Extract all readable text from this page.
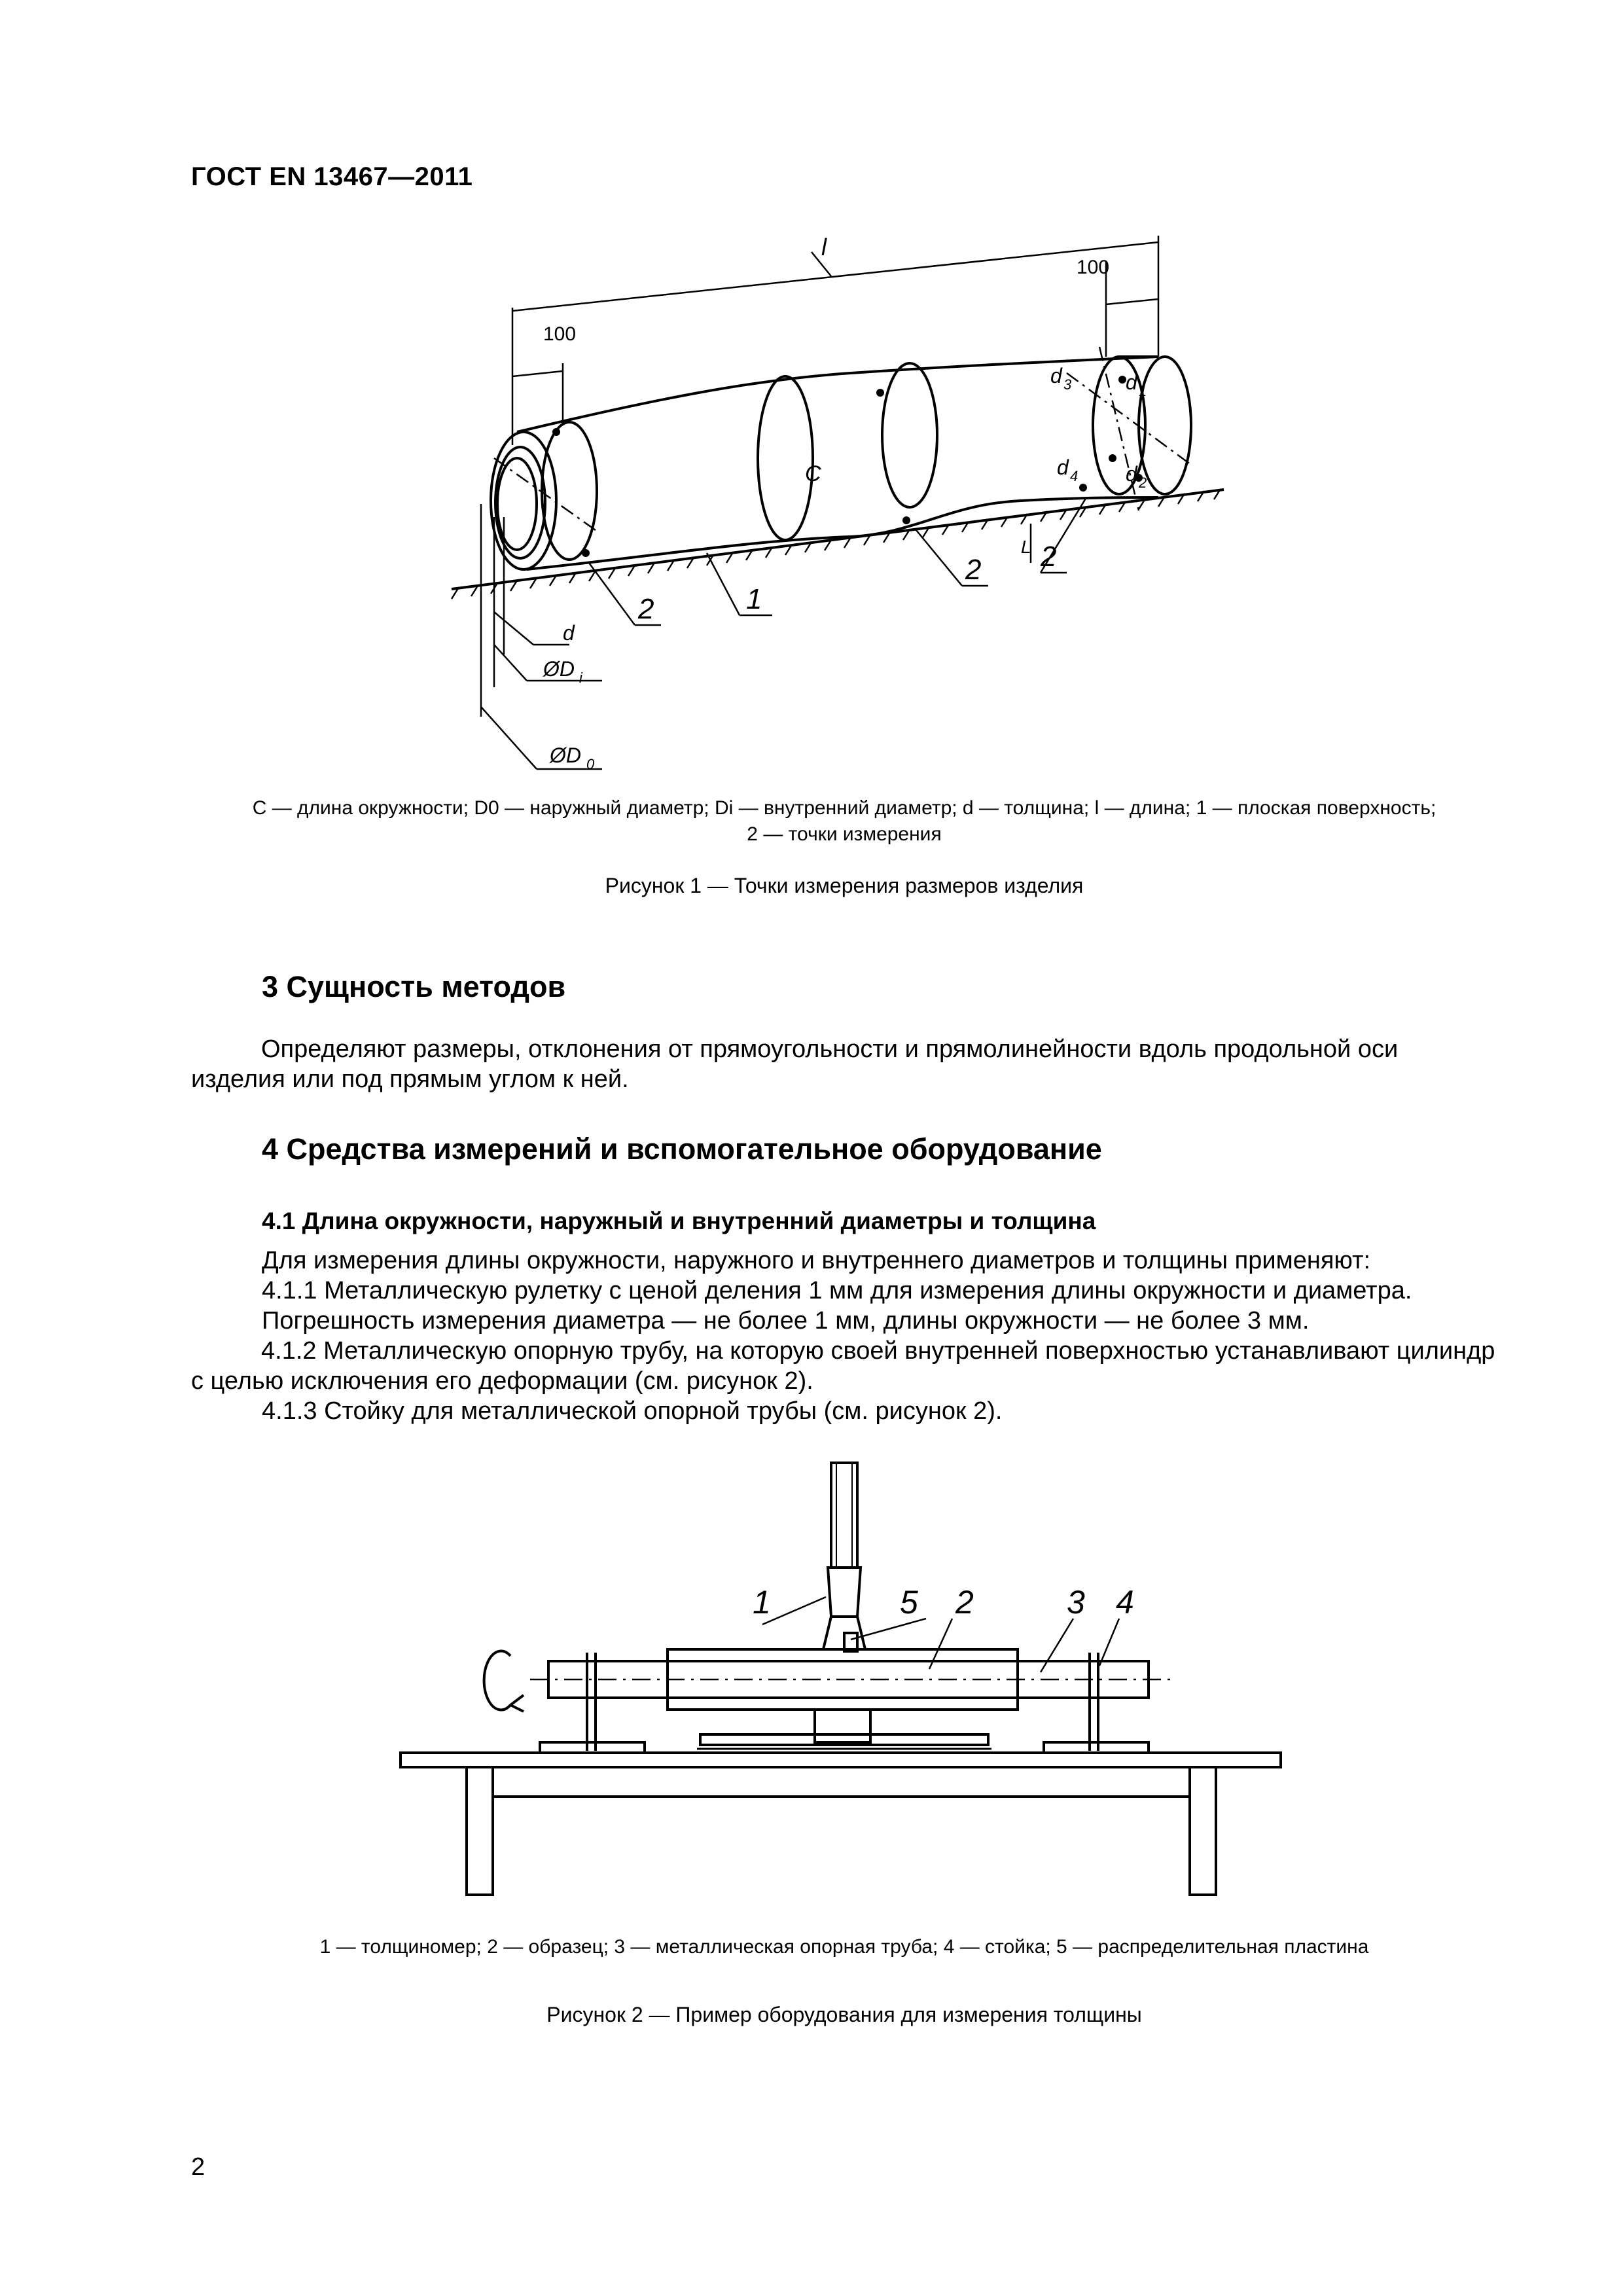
ГОСТ EN 13467—2011
l
100
100
C
d 3	d 1
d 4 d 2
L
1
2
2 2
d
ØD i
ØD 0
C — длина окружности; D0 — наружный диаметр; Di — внутренний диаметр; d — толщина; l — длина; 1 — плоская поверхность;
2 — точки измерения
Рисунок 1 — Точки измерения размеров изделия
3 Сущность методов
Определяют размеры, отклонения от прямоугольности и прямолинейности вдоль продольной оси изделия или под прямым углом к ней.
4 Средства измерений и вспомогательное оборудование
4.1 Длина окружности, наружный и внутренний диаметры и толщина
Для измерения длины окружности, наружного и внутреннего диаметров и толщины применяют:
4.1.1 Металлическую рулетку с ценой деления 1 мм для измерения длины окружности и диаметра.
Погрешность измерения диаметра — не более 1 мм, длины окружности — не более 3 мм.
4.1.2 Металлическую опорную трубу, на которую своей внутренней поверхностью устанавливают цилиндр с целью исключения его деформации (см. рисунок 2).
4.1.3 Стойку для металлической опорной трубы (см. рисунок 2).
1	5 2	3 4
1 — толщиномер; 2 — образец; 3 — металлическая опорная труба; 4 — стойка; 5 — распределительная пластина
Рисунок 2 — Пример оборудования для измерения толщины
2
